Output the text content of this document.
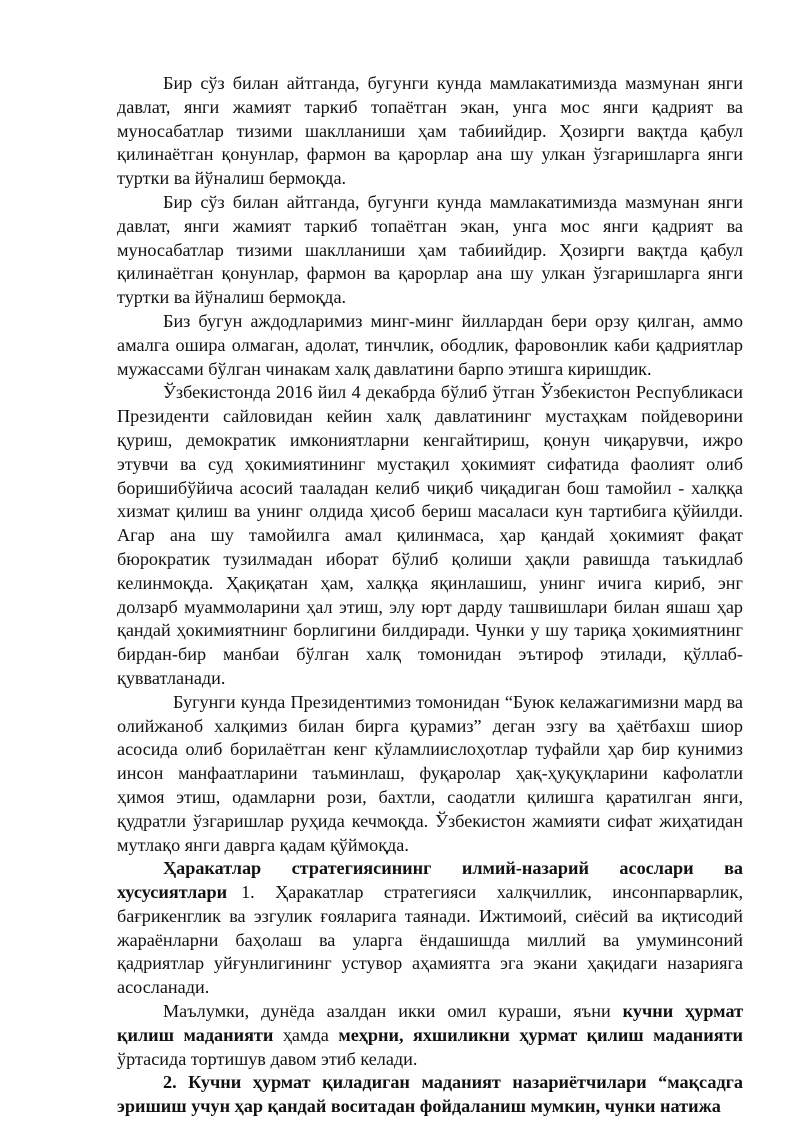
Бир сўз билан айтганда, бугунги кунда мамлакатимизда мазмунан янги давлат, янги жамият таркиб топаётган экан, унга мос янги қадрият ва муносабатлар тизими шаклланиши ҳам табиийдир. Ҳозирги вақтда қабул қилинаётган қонунлар, фармон ва қарорлар ана шу улкан ўзгаришларга янги туртки ва йўналиш бермоқда.

Бир сўз билан айтганда, бугунги кунда мамлакатимизда мазмунан янги давлат, янги жамият таркиб топаётган экан, унга мос янги қадрият ва муносабатлар тизими шаклланиши ҳам табиийдир. Ҳозирги вақтда қабул қилинаётган қонунлар, фармон ва қарорлар ана шу улкан ўзгаришларга янги туртки ва йўналиш бермоқда.

Биз бугун аждодларимиз минг-минг йиллардан бери орзу қилган, аммо амалга ошира олмаган, адолат, тинчлик, ободлик, фаровонлик каби қадриятлар мужассами бўлган чинакам халқ давлатини барпо этишга киришдик.

Ўзбекистонда 2016 йил 4 декабрда бўлиб ўтган Ўзбекистон Республикаси Президенти сайловидан кейин халқ давлатининг мустаҳкам пойдеворини қуриш, демократик имкониятларни кенгайтириш, қонун чиқарувчи, ижро этувчи ва суд ҳокимиятининг мустақил ҳокимият сифатида фаолият олиб боришибўйича асосий тааладан келиб чиқиб чиқадиган бош тамойил - халққа хизмат қилиш ва унинг олдида ҳисоб бериш масаласи кун тартибига қўйилди. Агар ана шу тамойилга амал қилинмаса, ҳар қандай ҳокимият фақат бюрократик тузилмадан иборат бўлиб қолиши ҳақли равишда таъкидлаб келинмоқда. Ҳақиқатан ҳам, халққа яқинлашиш, унинг ичига кириб, энг долзарб муаммоларини ҳал этиш, элу юрт дарду ташвишлари билан яшаш ҳар қандай ҳокимиятнинг борлигини билдиради. Чунки у шу тариқа ҳокимиятнинг бирдан-бир манбаи бўлган халқ томонидан эътироф этилади, қўллаб-қувватланади.

Бугунги кунда Президентимиз томонидан “Буюк келажагимизни мард ва олийжаноб халқимиз билан бирга қурамиз” деган эзгу ва ҳаётбахш шиор асосида олиб борилаётган кенг кўламлиислоҳотлар туфайли ҳар бир кунимиз инсон манфаатларини таъминлаш, фуқаролар ҳақ-ҳуқуқларини кафолатли ҳимоя этиш, одамларни рози, бахтли, саодатли қилишга қаратилган янги, қудратли ўзгаришлар руҳида кечмоқда. Ўзбекистон жамияти сифат жиҳатидан мутлақо янги даврга қадам қўймоқда.

Ҳаракатлар стратегиясининг илмий-назарий асослари ва хусусиятлари 1. Ҳаракатлар стратегияси халқчиллик, инсонпарварлик, бағрикенглик ва эзгулик ғояларига таянади. Ижтимоий, сиёсий ва иқтисодий жараёнларни баҳолаш ва уларга ёндашишда миллий ва умуминсоний қадриятлар уйғунлигининг устувор аҳамиятга эга экани ҳақидаги назарияга асосланади.

Маълумки, дунёда азалдан икки омил кураши, яъни кучни ҳурмат қилиш маданияти ҳамда меҳрни, яхшиликни ҳурмат қилиш маданияти ўртасида тортишув давом этиб келади.

2. Кучни ҳурмат қиладиган маданият назариётчилари “мақсадга эришиш учун ҳар қандай воситадан фойдаланиш мумкин, чунки натижа
